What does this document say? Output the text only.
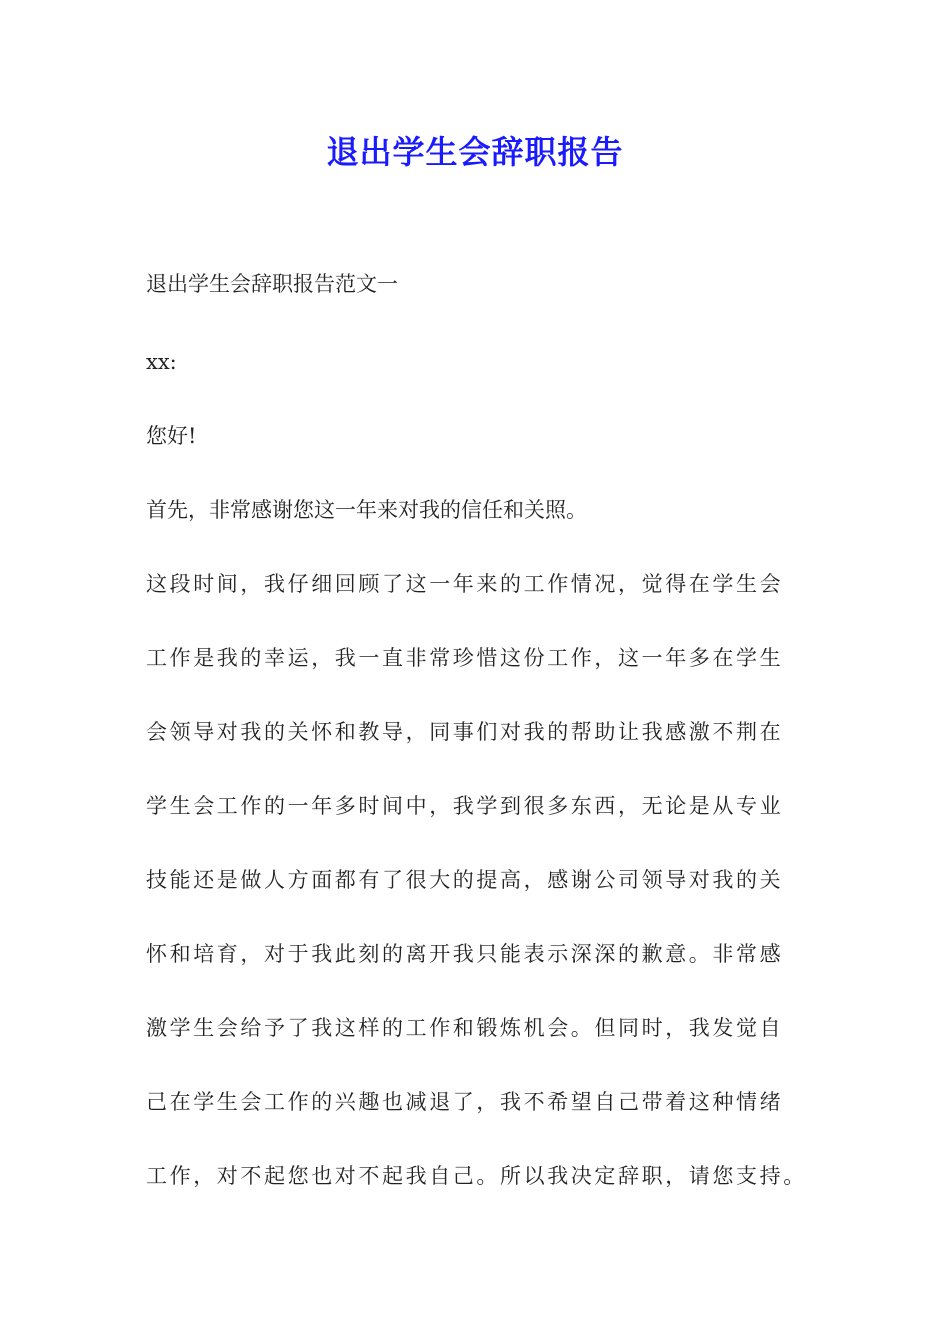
退出学生会辞职报告

退出学生会辞职报告范文一

xx:

您好!

首先，非常感谢您这一年来对我的信任和关照。

这段时间，我仔细回顾了这一年来的工作情况，觉得在学生会

工作是我的幸运，我一直非常珍惜这份工作，这一年多在学生

会领导对我的关怀和教导，同事们对我的帮助让我感激不荆在

学生会工作的一年多时间中，我学到很多东西，无论是从专业

技能还是做人方面都有了很大的提高，感谢公司领导对我的关

怀和培育，对于我此刻的离开我只能表示深深的歉意。非常感

激学生会给予了我这样的工作和锻炼机会。但同时，我发觉自

己在学生会工作的兴趣也减退了，我不希望自己带着这种情绪

工作，对不起您也对不起我自己。所以我决定辞职，请您支持。
